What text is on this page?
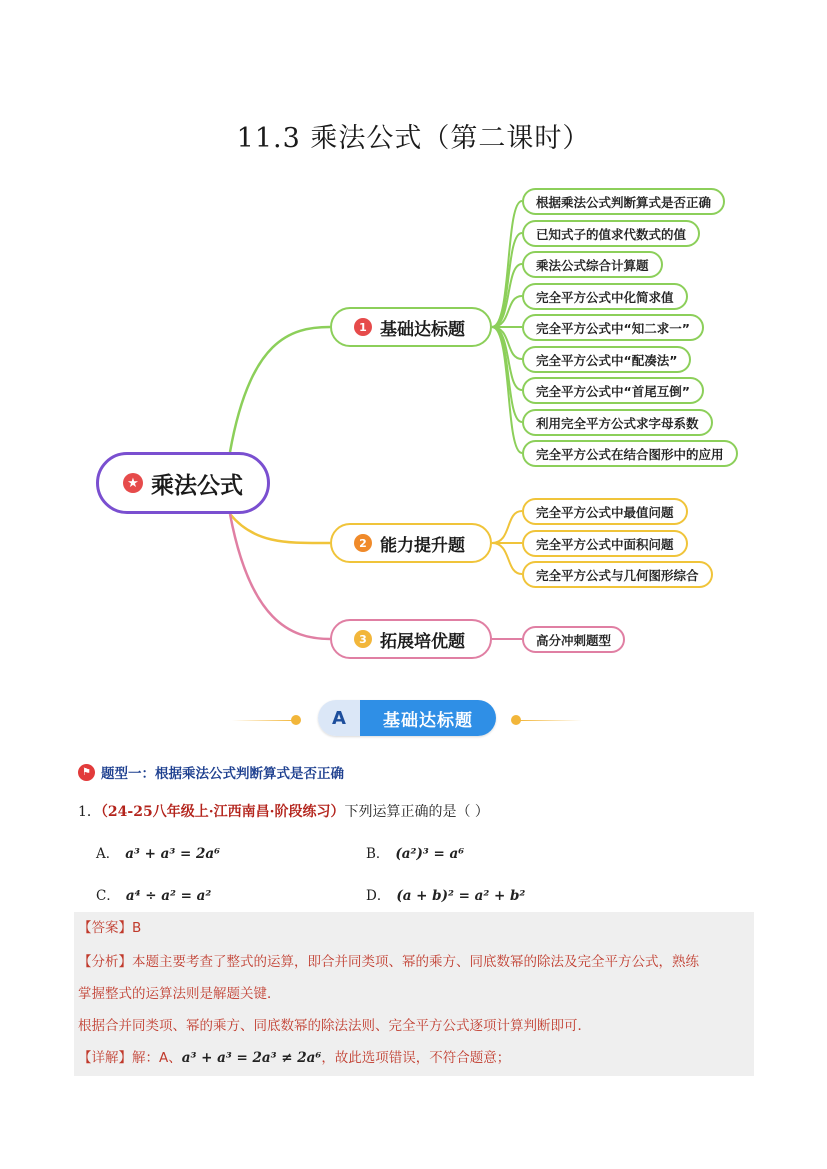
11.3 乘法公式（第二课时）
★ 乘法公式
1 基础达标题
2 能力提升题
3 拓展培优题
根据乘法公式判断算式是否正确
已知式子的值求代数式的值
乘法公式综合计算题
完全平方公式中化简求值
完全平方公式中“知二求一”
完全平方公式中“配凑法”
完全平方公式中“首尾互倒”
利用完全平方公式求字母系数
完全平方公式在结合图形中的应用
完全平方公式中最值问题
完全平方公式中面积问题
完全平方公式与几何图形综合
高分冲刺题型
A	基础达标题
⚑ 题型一：根据乘法公式判断算式是否正确
1．（24-25八年级上·江西南昌·阶段练习）下列运算正确的是（ ）
A． a³ + a³ = 2a⁶	B． (a²)³ = a⁶
C． a⁴ ÷ a² = a²	D． (a + b)² = a² + b²
【答案】B
【分析】本题主要考查了整式的运算，即合并同类项、幂的乘方、同底数幂的除法及完全平方公式，熟练
掌握整式的运算法则是解题关键．
根据合并同类项、幂的乘方、同底数幂的除法法则、完全平方公式逐项计算判断即可．
【详解】解：A、a³ + a³ = 2a³ ≠ 2a⁶，故此选项错误，不符合题意；
